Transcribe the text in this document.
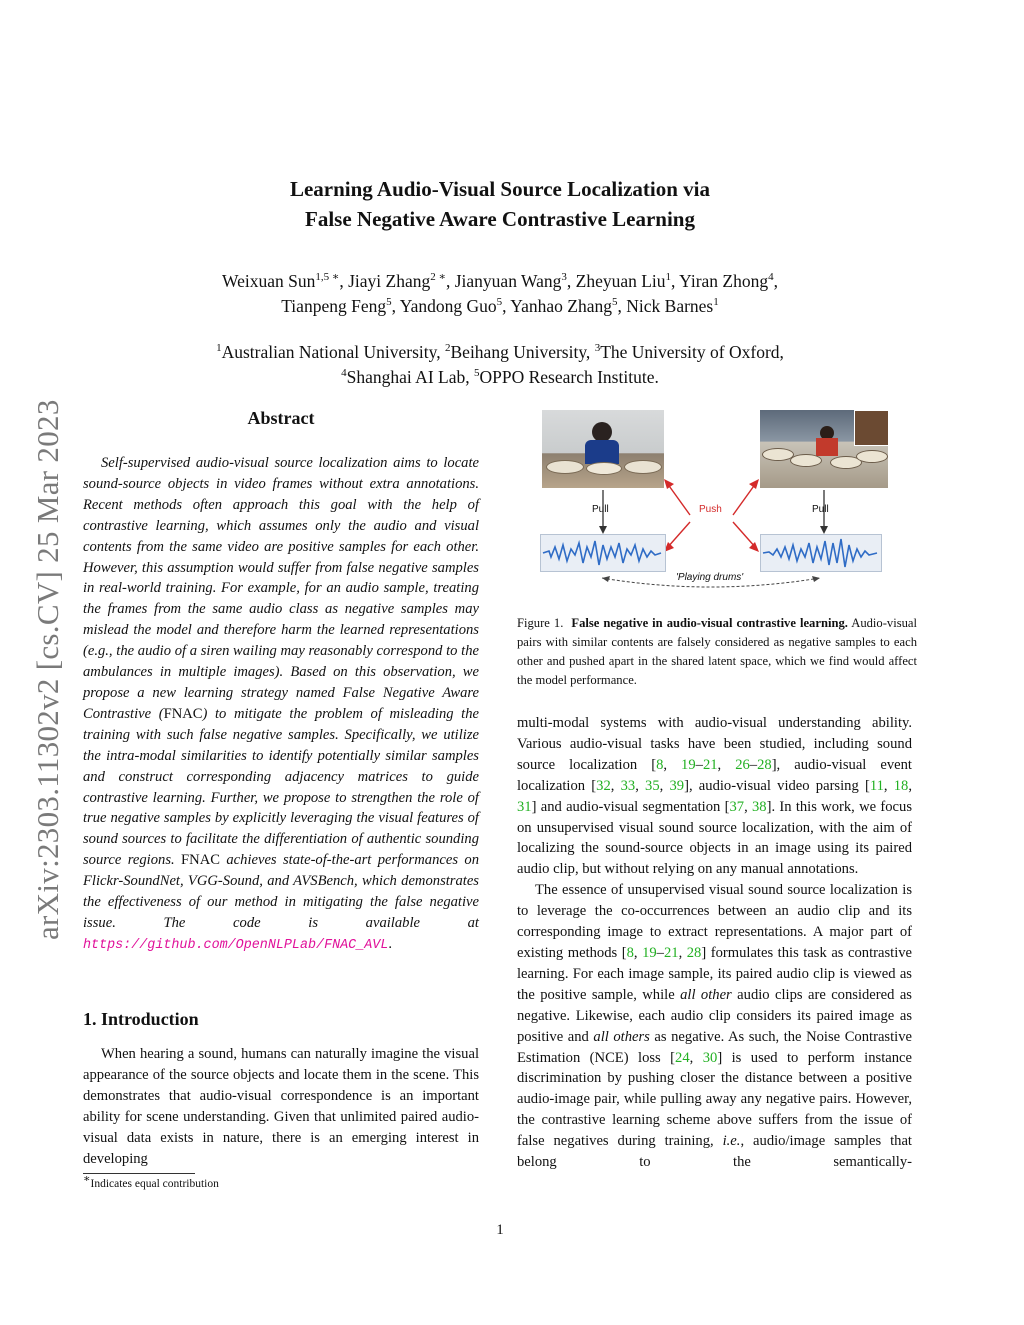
arXiv:2303.11302v2 [cs.CV] 25 Mar 2023
Learning Audio-Visual Source Localization via
False Negative Aware Contrastive Learning
Weixuan Sun$^{1,5 ∗}$, Jiayi Zhang$^{2 ∗}$, Jianyuan Wang$^3$, Zheyuan Liu$^1$, Yiran Zhong$^4$,
Tianpeng Feng$^5$, Yandong Guo$^5$, Yanhao Zhang$^5$, Nick Barnes$^1$
$^1$Australian National University, $^2$Beihang University, $^3$The University of Oxford,
$^4$Shanghai AI Lab, $^5$OPPO Research Institute.
Abstract

Self-supervised audio-visual source localization aims to locate sound-source objects in video frames without extra annotations. Recent methods often approach this goal with the help of contrastive learning, which assumes only the audio and visual contents from the same video are positive samples for each other. However, this assumption would suffer from false negative samples in real-world training. For example, for an audio sample, treating the frames from the same audio class as negative samples may mislead the model and therefore harm the learned representations (e.g., the audio of a siren wailing may reasonably correspond to the ambulances in multiple images). Based on this observation, we propose a new learning strategy named False Negative Aware Contrastive (FNAC) to mitigate the problem of misleading the training with such false negative samples. Specifically, we utilize the intra-modal similarities to identify potentially similar samples and construct corresponding adjacency matrices to guide contrastive learning. Further, we propose to strengthen the role of true negative samples by explicitly leveraging the visual features of sound sources to facilitate the differentiation of authentic sounding source regions. FNAC achieves state-of-the-art performances on Flickr-SoundNet, VGG-Sound, and AVSBench, which demonstrates the effectiveness of our method in mitigating the false negative issue. The code is available at https://github.com/OpenNLPLab/FNAC_AVL.

1. Introduction

When hearing a sound, humans can naturally imagine the visual appearance of the source objects and locate them in the scene. This demonstrates that audio-visual correspondence is an important ability for scene understanding. Given that unlimited paired audio-visual data exists in nature, there is an emerging interest in developing

∗Indicates equal contribution
Pull	Push	Pull
'Playing drums'
Figure 1. False negative in audio-visual contrastive learning. Audio-visual pairs with similar contents are falsely considered as negative samples to each other and pushed apart in the shared latent space, which we find would affect the model performance.

multi-modal systems with audio-visual understanding ability. Various audio-visual tasks have been studied, including sound source localization [8, 19–21, 26–28], audio-visual event localization [32, 33, 35, 39], audio-visual video parsing [11, 18, 31] and audio-visual segmentation [37, 38]. In this work, we focus on unsupervised visual sound source localization, with the aim of localizing the sound-source objects in an image using its paired audio clip, but without relying on any manual annotations.

The essence of unsupervised visual sound source localization is to leverage the co-occurrences between an audio clip and its corresponding image to extract representations. A major part of existing methods [8, 19–21, 28] formulates this task as contrastive learning. For each image sample, its paired audio clip is viewed as the positive sample, while all other audio clips are considered as negative. Likewise, each audio clip considers its paired image as positive and all others as negative. As such, the Noise Contrastive Estimation (NCE) loss [24, 30] is used to perform instance discrimination by pushing closer the distance between a positive audio-image pair, while pulling away any negative pairs. However, the contrastive learning scheme above suffers from the issue of false negatives during training, i.e., audio/image samples that belong to the semantically-

1
